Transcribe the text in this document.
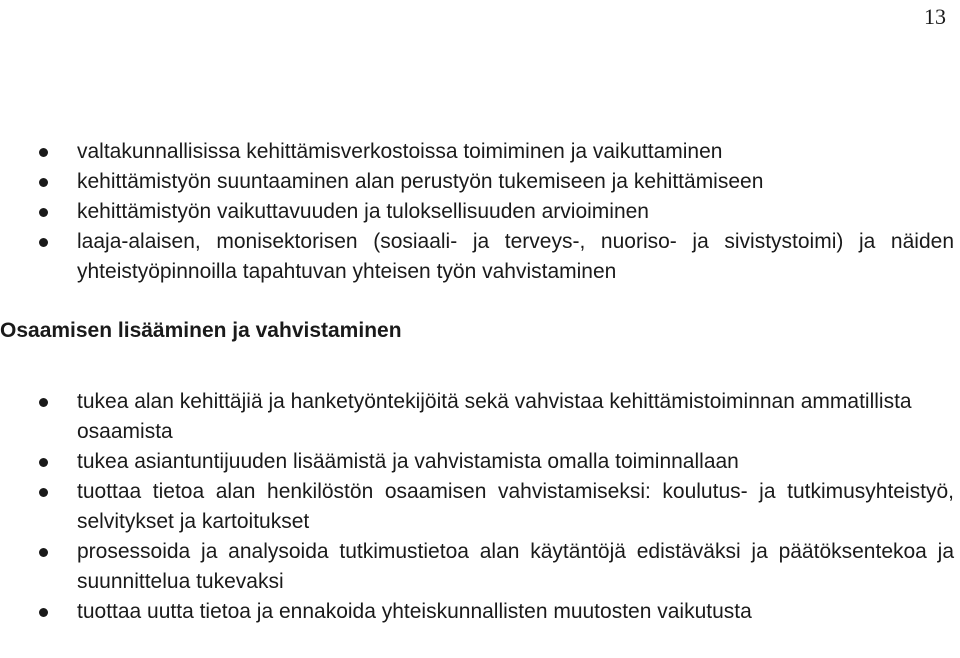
13
valtakunnallisissa kehittämisverkostoissa toimiminen ja vaikuttaminen
kehittämistyön suuntaaminen alan perustyön tukemiseen ja kehittämiseen
kehittämistyön vaikuttavuuden ja tuloksellisuuden arvioiminen
laaja-alaisen, monisektorisen (sosiaali- ja terveys-, nuoriso- ja sivistystoimi) ja näiden yhteistyöpinnoilla tapahtuvan yhteisen työn vahvistaminen
Osaamisen lisääminen ja vahvistaminen
tukea alan kehittäjiä ja hanketyöntekijöitä sekä vahvistaa kehittämistoiminnan ammatillista osaamista
tukea asiantuntijuuden lisäämistä ja vahvistamista omalla toiminnallaan
tuottaa tietoa alan henkilöstön osaamisen vahvistamiseksi: koulutus- ja tutkimusyhteistyö, selvitykset ja kartoitukset
prosessoida ja analysoida tutkimustietoa alan käytäntöjä edistäväksi ja päätöksentekoa ja suunnittelua tukevaksi
tuottaa uutta tietoa ja ennakoida yhteiskunnallisten muutosten vaikutusta
